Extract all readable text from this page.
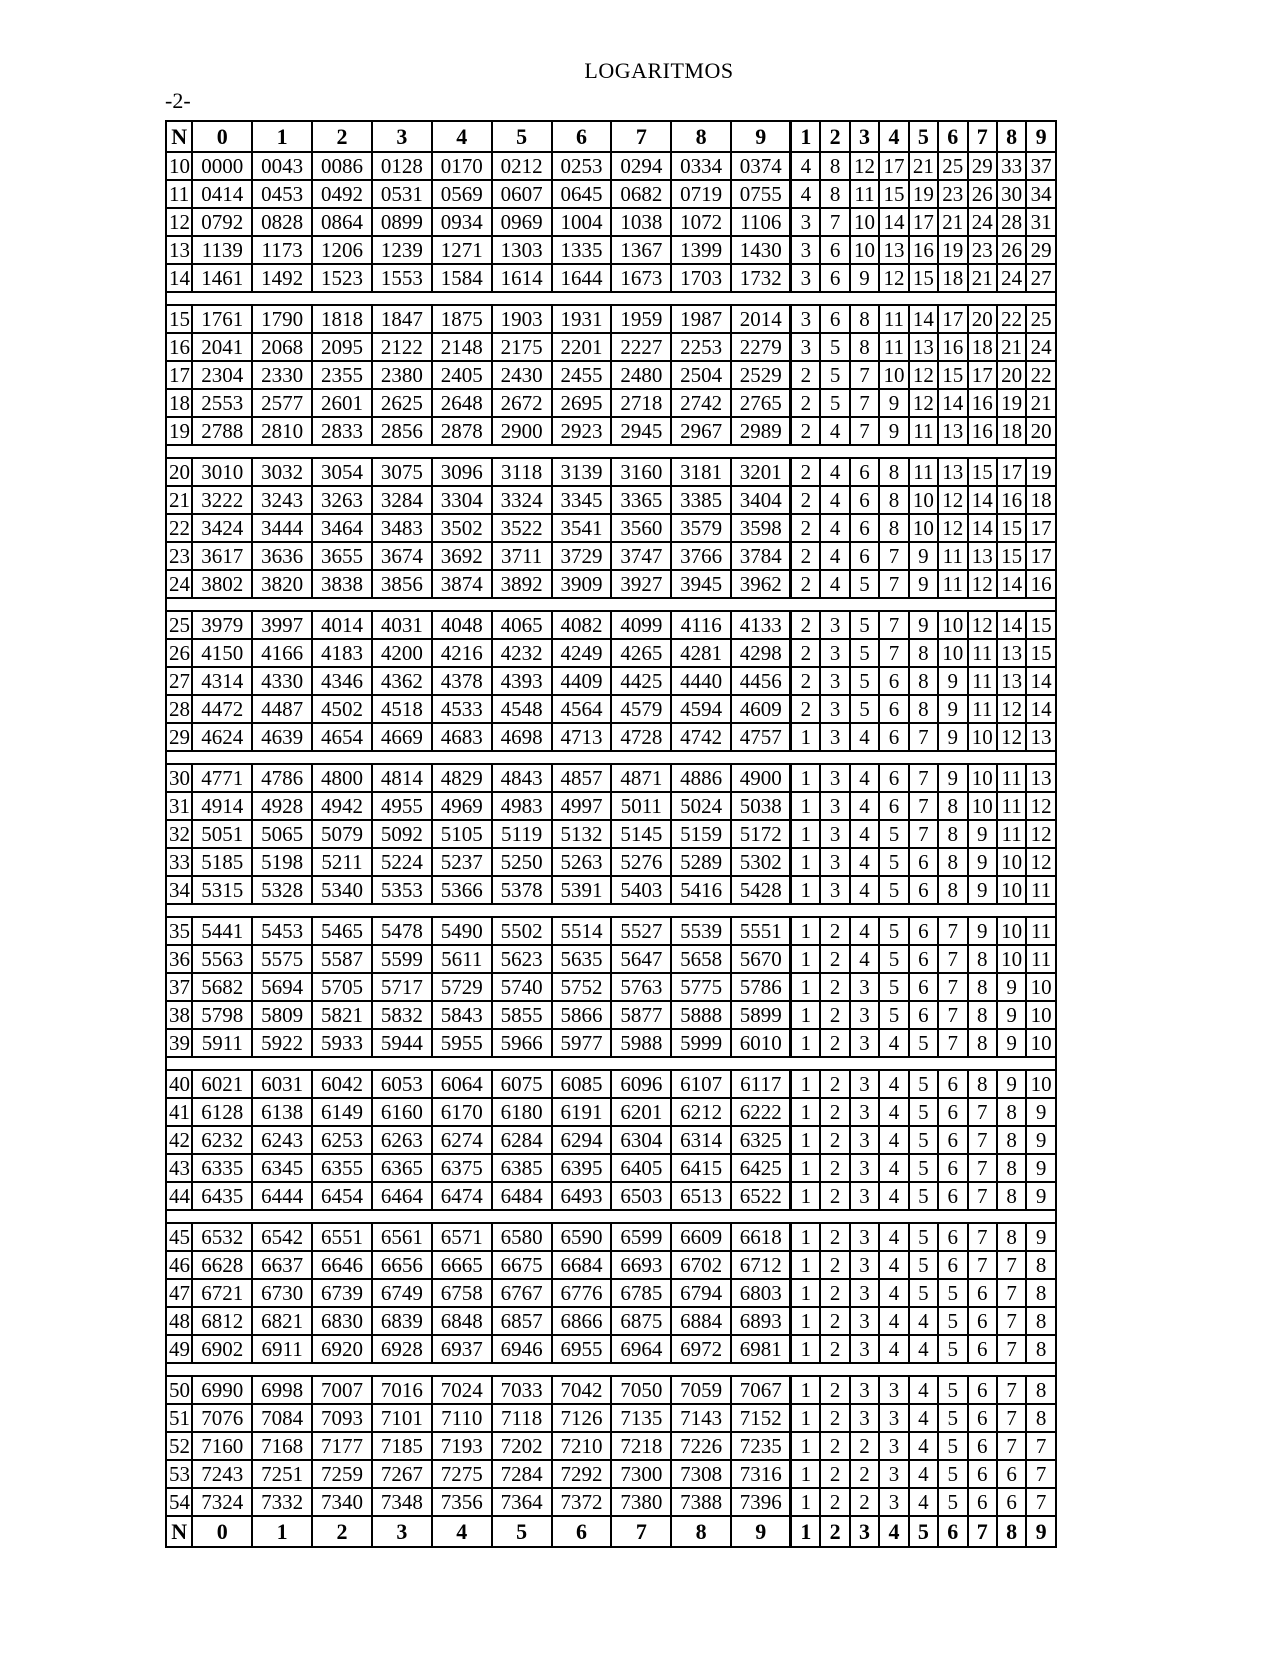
LOGARITMOS
-2-
N	0	1	2	3	4	5	6	7	8	9	1	2	3	4	5	6	7	8	9
10	0000	0043	0086	0128	0170	0212	0253	0294	0334	0374	4	8	12	17	21	25	29	33	37
11	0414	0453	0492	0531	0569	0607	0645	0682	0719	0755	4	8	11	15	19	23	26	30	34
12	0792	0828	0864	0899	0934	0969	1004	1038	1072	1106	3	7	10	14	17	21	24	28	31
13	1139	1173	1206	1239	1271	1303	1335	1367	1399	1430	3	6	10	13	16	19	23	26	29
14	1461	1492	1523	1553	1584	1614	1644	1673	1703	1732	3	6	9	12	15	18	21	24	27

15	1761	1790	1818	1847	1875	1903	1931	1959	1987	2014	3	6	8	11	14	17	20	22	25
16	2041	2068	2095	2122	2148	2175	2201	2227	2253	2279	3	5	8	11	13	16	18	21	24
17	2304	2330	2355	2380	2405	2430	2455	2480	2504	2529	2	5	7	10	12	15	17	20	22
18	2553	2577	2601	2625	2648	2672	2695	2718	2742	2765	2	5	7	9	12	14	16	19	21
19	2788	2810	2833	2856	2878	2900	2923	2945	2967	2989	2	4	7	9	11	13	16	18	20

20	3010	3032	3054	3075	3096	3118	3139	3160	3181	3201	2	4	6	8	11	13	15	17	19
21	3222	3243	3263	3284	3304	3324	3345	3365	3385	3404	2	4	6	8	10	12	14	16	18
22	3424	3444	3464	3483	3502	3522	3541	3560	3579	3598	2	4	6	8	10	12	14	15	17
23	3617	3636	3655	3674	3692	3711	3729	3747	3766	3784	2	4	6	7	9	11	13	15	17
24	3802	3820	3838	3856	3874	3892	3909	3927	3945	3962	2	4	5	7	9	11	12	14	16

25	3979	3997	4014	4031	4048	4065	4082	4099	4116	4133	2	3	5	7	9	10	12	14	15
26	4150	4166	4183	4200	4216	4232	4249	4265	4281	4298	2	3	5	7	8	10	11	13	15
27	4314	4330	4346	4362	4378	4393	4409	4425	4440	4456	2	3	5	6	8	9	11	13	14
28	4472	4487	4502	4518	4533	4548	4564	4579	4594	4609	2	3	5	6	8	9	11	12	14
29	4624	4639	4654	4669	4683	4698	4713	4728	4742	4757	1	3	4	6	7	9	10	12	13

30	4771	4786	4800	4814	4829	4843	4857	4871	4886	4900	1	3	4	6	7	9	10	11	13
31	4914	4928	4942	4955	4969	4983	4997	5011	5024	5038	1	3	4	6	7	8	10	11	12
32	5051	5065	5079	5092	5105	5119	5132	5145	5159	5172	1	3	4	5	7	8	9	11	12
33	5185	5198	5211	5224	5237	5250	5263	5276	5289	5302	1	3	4	5	6	8	9	10	12
34	5315	5328	5340	5353	5366	5378	5391	5403	5416	5428	1	3	4	5	6	8	9	10	11

35	5441	5453	5465	5478	5490	5502	5514	5527	5539	5551	1	2	4	5	6	7	9	10	11
36	5563	5575	5587	5599	5611	5623	5635	5647	5658	5670	1	2	4	5	6	7	8	10	11
37	5682	5694	5705	5717	5729	5740	5752	5763	5775	5786	1	2	3	5	6	7	8	9	10
38	5798	5809	5821	5832	5843	5855	5866	5877	5888	5899	1	2	3	5	6	7	8	9	10
39	5911	5922	5933	5944	5955	5966	5977	5988	5999	6010	1	2	3	4	5	7	8	9	10

40	6021	6031	6042	6053	6064	6075	6085	6096	6107	6117	1	2	3	4	5	6	8	9	10
41	6128	6138	6149	6160	6170	6180	6191	6201	6212	6222	1	2	3	4	5	6	7	8	9
42	6232	6243	6253	6263	6274	6284	6294	6304	6314	6325	1	2	3	4	5	6	7	8	9
43	6335	6345	6355	6365	6375	6385	6395	6405	6415	6425	1	2	3	4	5	6	7	8	9
44	6435	6444	6454	6464	6474	6484	6493	6503	6513	6522	1	2	3	4	5	6	7	8	9

45	6532	6542	6551	6561	6571	6580	6590	6599	6609	6618	1	2	3	4	5	6	7	8	9
46	6628	6637	6646	6656	6665	6675	6684	6693	6702	6712	1	2	3	4	5	6	7	7	8
47	6721	6730	6739	6749	6758	6767	6776	6785	6794	6803	1	2	3	4	5	5	6	7	8
48	6812	6821	6830	6839	6848	6857	6866	6875	6884	6893	1	2	3	4	4	5	6	7	8
49	6902	6911	6920	6928	6937	6946	6955	6964	6972	6981	1	2	3	4	4	5	6	7	8

50	6990	6998	7007	7016	7024	7033	7042	7050	7059	7067	1	2	3	3	4	5	6	7	8
51	7076	7084	7093	7101	7110	7118	7126	7135	7143	7152	1	2	3	3	4	5	6	7	8
52	7160	7168	7177	7185	7193	7202	7210	7218	7226	7235	1	2	2	3	4	5	6	7	7
53	7243	7251	7259	7267	7275	7284	7292	7300	7308	7316	1	2	2	3	4	5	6	6	7
54	7324	7332	7340	7348	7356	7364	7372	7380	7388	7396	1	2	2	3	4	5	6	6	7
N	0	1	2	3	4	5	6	7	8	9	1	2	3	4	5	6	7	8	9
